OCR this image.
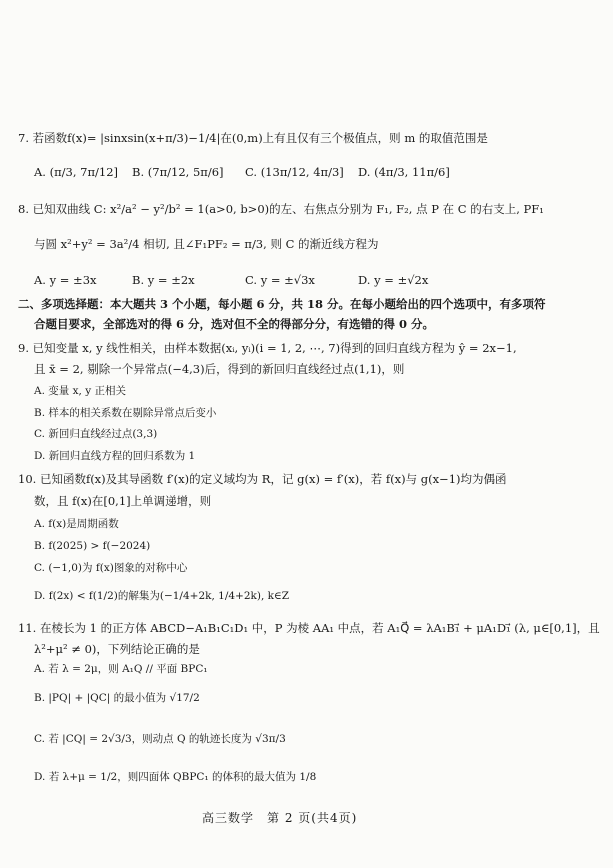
7. 若函数f(x)= |sinxsin(x+π/3)−1/4|在(0,m)上有且仅有三个极值点，则 m 的取值范围是
A. (π/3, 7π/12] B. (7π/12, 5π/6] C. (13π/12, 4π/3] D. (4π/3, 11π/6]
8. 已知双曲线 C: x²/a² − y²/b² = 1(a>0, b>0)的左、右焦点分别为 F₁, F₂, 点 P 在 C 的右支上, PF₁
与圆 x²+y² = 3a²/4 相切, 且∠F₁PF₂ = π/3, 则 C 的渐近线方程为
A. y = ±3x	B. y = ±2x	C. y = ±√3x	D. y = ±√2x
二、多项选择题：本大题共 3 个小题，每小题 6 分，共 18 分。在每小题给出的四个选项中，有多项符
合题目要求，全部选对的得 6 分，选对但不全的得部分分，有选错的得 0 分。
9. 已知变量 x, y 线性相关，由样本数据(xᵢ, yᵢ)(i = 1, 2, ⋯, 7)得到的回归直线方程为 ŷ = 2x−1,
且 x̄ = 2, 剔除一个异常点(−4,3)后，得到的新回归直线经过点(1,1)，则
A. 变量 x, y 正相关
B. 样本的相关系数在剔除异常点后变小
C. 新回归直线经过点(3,3)
D. 新回归直线方程的回归系数为 1
10. 已知函数f(x)及其导函数 f′(x)的定义域均为 R，记 g(x) = f′(x)，若 f(x)与 g(x−1)均为偶函
数，且 f(x)在[0,1]上单调递增，则
A. f(x)是周期函数
B. f(2025) > f(−2024)
C. (−1,0)为 f(x)图象的对称中心
D. f(2x) < f(1/2)的解集为(−1/4+2k, 1/4+2k), k∈Z
11. 在棱长为 1 的正方体 ABCD−A₁B₁C₁D₁ 中，P 为棱 AA₁ 中点，若 A₁Q⃗ = λA₁B₁⃗ + μA₁D₁⃗ (λ, μ∈[0,1]，且
λ²+μ² ≠ 0)，下列结论正确的是
A. 若 λ = 2μ，则 A₁Q // 平面 BPC₁
B. |PQ| + |QC| 的最小值为 √17/2
C. 若 |CQ| = 2√3/3，则动点 Q 的轨迹长度为 √3π/3
D. 若 λ+μ = 1/2，则四面体 QBPC₁ 的体积的最大值为 1/8
高三数学　第 2 页(共4页)
